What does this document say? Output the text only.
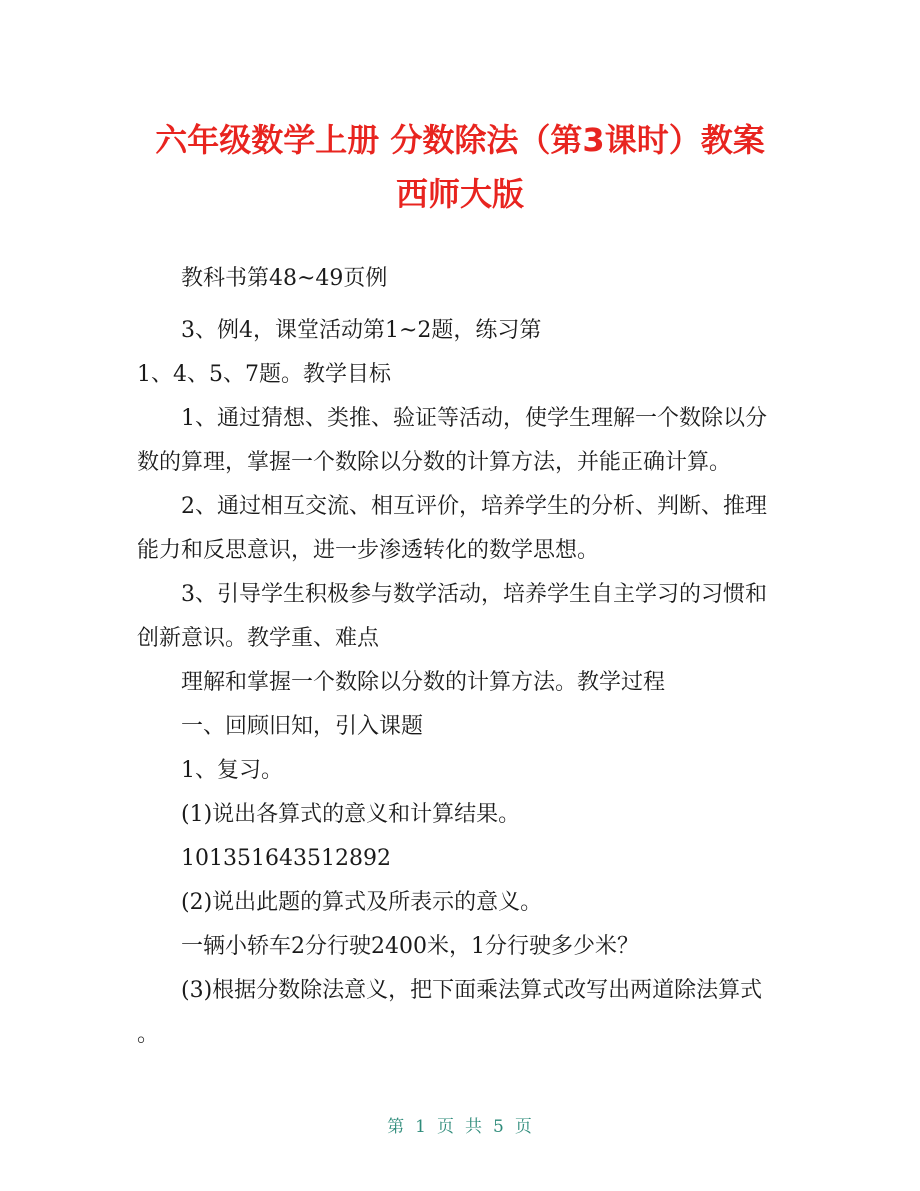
六年级数学上册 分数除法（第3课时）教案
西师大版
教科书第48~49页例
3、例4，课堂活动第1~2题，练习第
1、4、5、7题。教学目标
1、通过猜想、类推、验证等活动，使学生理解一个数除以分
数的算理，掌握一个数除以分数的计算方法，并能正确计算。
2、通过相互交流、相互评价，培养学生的分析、判断、推理
能力和反思意识，进一步渗透转化的数学思想。
3、引导学生积极参与数学活动，培养学生自主学习的习惯和
创新意识。教学重、难点
理解和掌握一个数除以分数的计算方法。教学过程
一、回顾旧知，引入课题
1、复习。
(1)说出各算式的意义和计算结果。
101351643512892
(2)说出此题的算式及所表示的意义。
一辆小轿车2分行驶2400米，1分行驶多少米？
(3)根据分数除法意义，把下面乘法算式改写出两道除法算式
。
第 1 页 共 5 页
